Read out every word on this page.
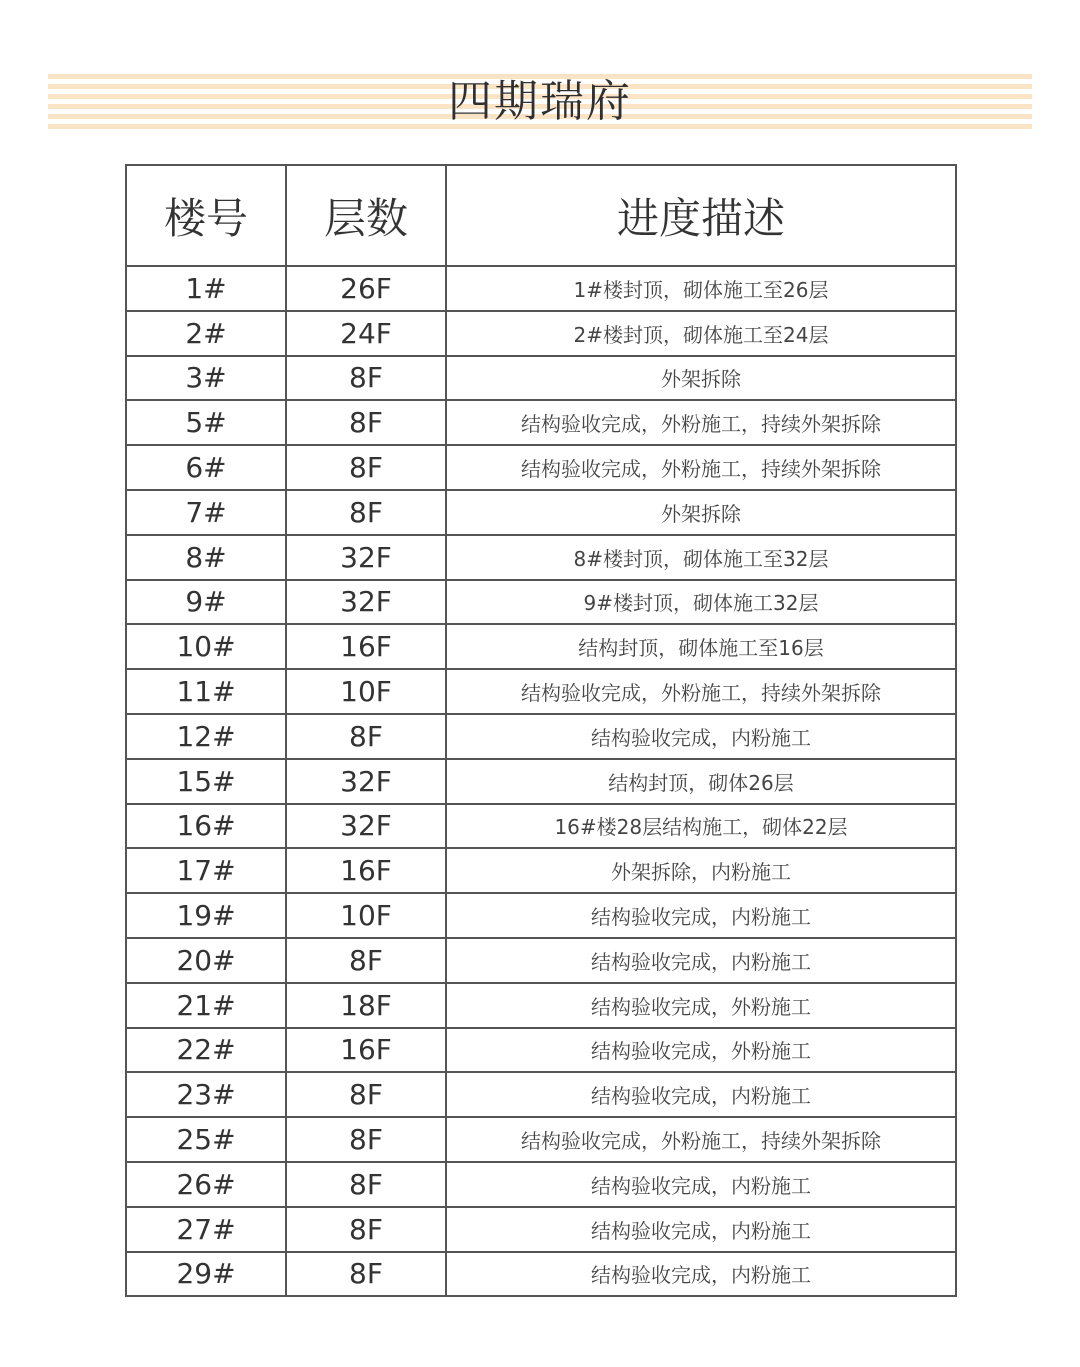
四期瑞府
楼号	层数	进度描述
1#	26F	1#楼封顶，砌体施工至26层
2#	24F	2#楼封顶，砌体施工至24层
3#	8F	外架拆除
5#	8F	结构验收完成，外粉施工，持续外架拆除
6#	8F	结构验收完成，外粉施工，持续外架拆除
7#	8F	外架拆除
8#	32F	8#楼封顶，砌体施工至32层
9#	32F	9#楼封顶，砌体施工32层
10#	16F	结构封顶，砌体施工至16层
11#	10F	结构验收完成，外粉施工，持续外架拆除
12#	8F	结构验收完成，内粉施工
15#	32F	结构封顶，砌体26层
16#	32F	16#楼28层结构施工，砌体22层
17#	16F	外架拆除，内粉施工
19#	10F	结构验收完成，内粉施工
20#	8F	结构验收完成，内粉施工
21#	18F	结构验收完成，外粉施工
22#	16F	结构验收完成，外粉施工
23#	8F	结构验收完成，内粉施工
25#	8F	结构验收完成，外粉施工，持续外架拆除
26#	8F	结构验收完成，内粉施工
27#	8F	结构验收完成，内粉施工
29#	8F	结构验收完成，内粉施工
